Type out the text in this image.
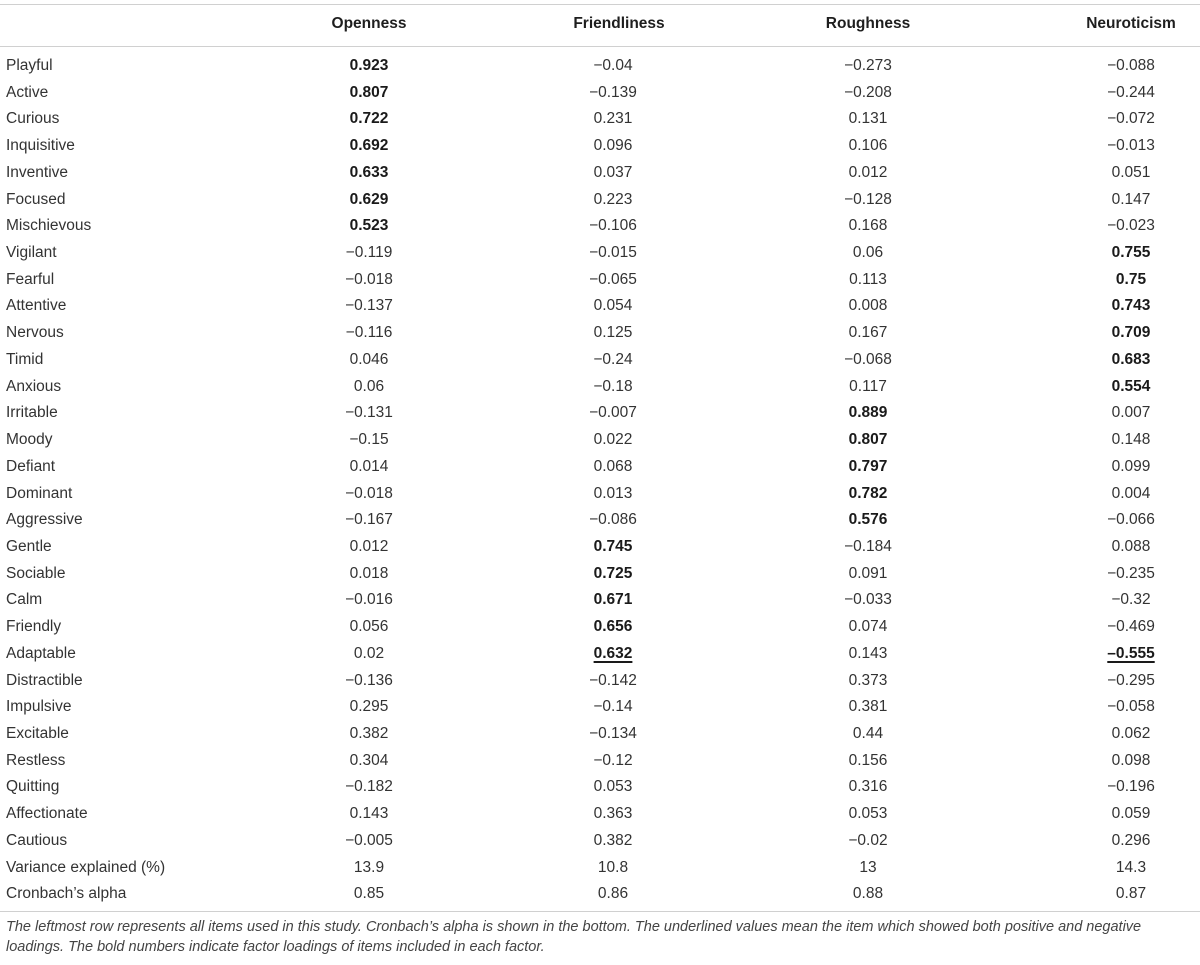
Openness	Friendliness	Roughness	Neuroticism
Playful	0.923	−0.04	−0.273	−0.088
Active	0.807	−0.139	−0.208	−0.244
Curious	0.722	0.231	0.131	−0.072
Inquisitive	0.692	0.096	0.106	−0.013
Inventive	0.633	0.037	0.012	0.051
Focused	0.629	0.223	−0.128	0.147
Mischievous	0.523	−0.106	0.168	−0.023
Vigilant	−0.119	−0.015	0.06	0.755
Fearful	−0.018	−0.065	0.113	0.75
Attentive	−0.137	0.054	0.008	0.743
Nervous	−0.116	0.125	0.167	0.709
Timid	0.046	−0.24	−0.068	0.683
Anxious	0.06	−0.18	0.117	0.554
Irritable	−0.131	−0.007	0.889	0.007
Moody	−0.15	0.022	0.807	0.148
Defiant	0.014	0.068	0.797	0.099
Dominant	−0.018	0.013	0.782	0.004
Aggressive	−0.167	−0.086	0.576	−0.066
Gentle	0.012	0.745	−0.184	0.088
Sociable	0.018	0.725	0.091	−0.235
Calm	−0.016	0.671	−0.033	−0.32
Friendly	0.056	0.656	0.074	−0.469
Adaptable	0.02	0.632	0.143	–0.555
Distractible	−0.136	−0.142	0.373	−0.295
Impulsive	0.295	−0.14	0.381	−0.058
Excitable	0.382	−0.134	0.44	0.062
Restless	0.304	−0.12	0.156	0.098
Quitting	−0.182	0.053	0.316	−0.196
Affectionate	0.143	0.363	0.053	0.059
Cautious	−0.005	0.382	−0.02	0.296
Variance explained (%)	13.9	10.8	13	14.3
Cronbach’s alpha	0.85	0.86	0.88	0.87
The leftmost row represents all items used in this study. Cronbach’s alpha is shown in the bottom. The underlined values mean the item which showed both positive and negative loadings. The bold numbers indicate factor loadings of items included in each factor.
